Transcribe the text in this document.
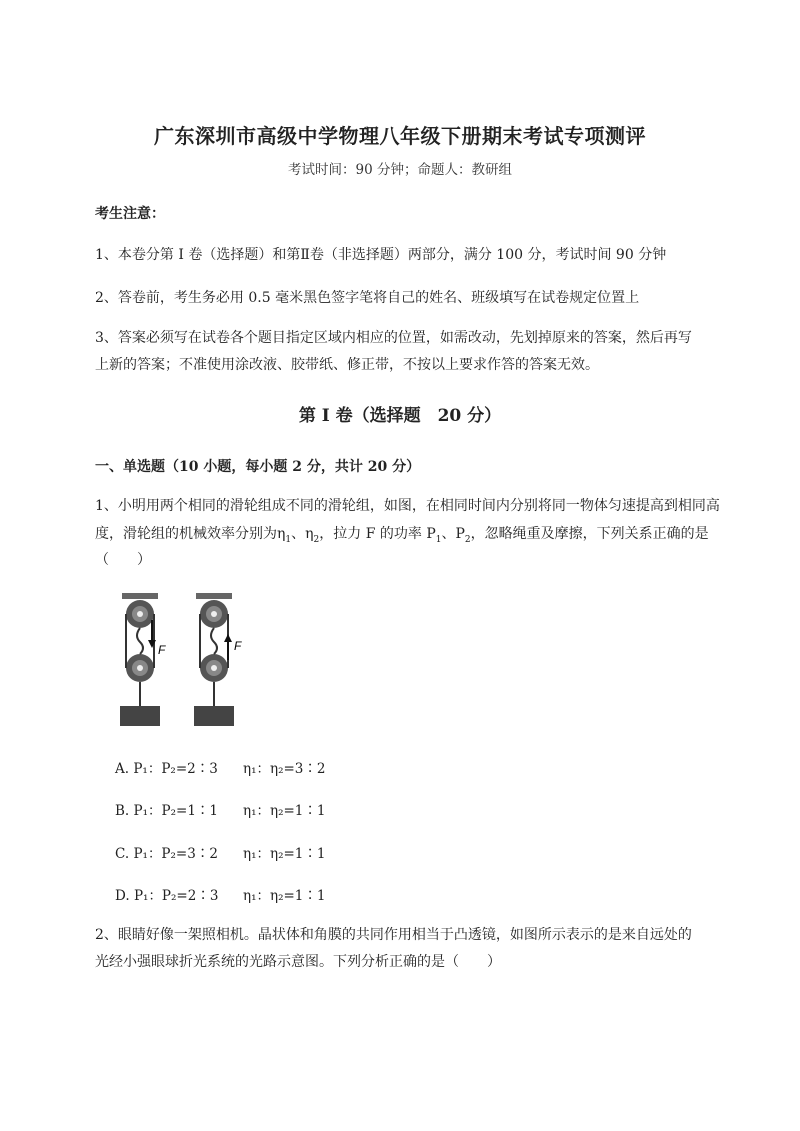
广东深圳市高级中学物理八年级下册期末考试专项测评
考试时间：90 分钟；命题人：教研组
考生注意：
1、本卷分第 I 卷（选择题）和第Ⅱ卷（非选择题）两部分，满分 100 分，考试时间 90 分钟
2、答卷前，考生务必用 0.5 毫米黑色签字笔将自己的姓名、班级填写在试卷规定位置上
3、答案必须写在试卷各个题目指定区域内相应的位置，如需改动，先划掉原来的答案，然后再写上新的答案；不准使用涂改液、胶带纸、修正带，不按以上要求作答的答案无效。
第 I 卷（选择题　20 分）
一、单选题（10 小题，每小题 2 分，共计 20 分）
1、小明用两个相同的滑轮组成不同的滑轮组，如图，在相同时间内分别将同一物体匀速提高到相同高
度，滑轮组的机械效率分别为$\eta_1$、$\eta_2$，拉力 F 的功率 $P_1$、$P_2$，忽略绳重及摩擦，下列关系正确的是
（　　）
F	F
A. P₁：P₂=2∶3 η₁：η₂=3∶2
B. P₁：P₂=1∶1 η₁：η₂=1∶1
C. P₁：P₂=3∶2 η₁：η₂=1∶1
D. P₁：P₂=2∶3 η₁：η₂=1∶1
2、眼睛好像一架照相机。晶状体和角膜的共同作用相当于凸透镜，如图所示表示的是来自远处的光经小强眼球折光系统的光路示意图。下列分析正确的是（　　）
